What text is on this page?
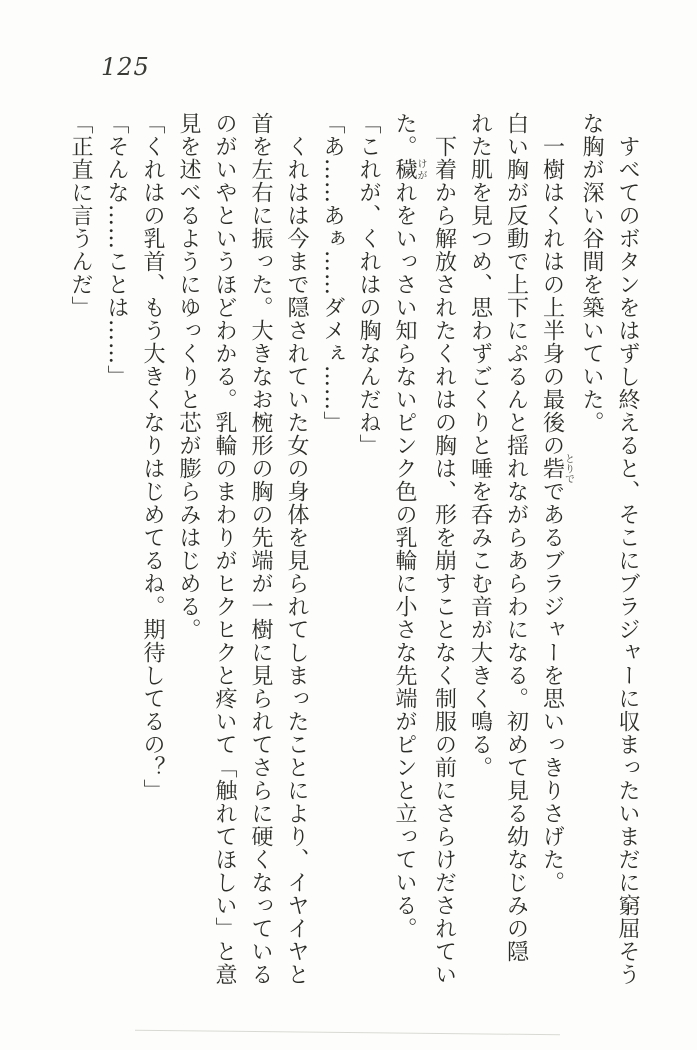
125
　すべてのボタンをはずし終えると、そこにブラジャーに収まったいまだに窮屈そう
な胸が深い谷間を築いていた。
　一樹はくれはの上半身の最後の砦とりでであるブラジャーを思いっきりさげた。
白い胸が反動で上下にぷるんと揺れながらあらわになる。初めて見る幼なじみの隠
れた肌を見つめ、思わずごくりと唾を呑みこむ音が大きく鳴る。
　下着から解放されたくれはの胸は、形を崩すことなく制服の前にさらけだされてい
た。穢けがれをいっさい知らないピンク色の乳輪に小さな先端がピンと立っている。
「これが、くれはの胸なんだね」
「あ……あぁ……ダメぇ……」
　くれはは今まで隠されていた女の身体を見られてしまったことにより、イヤイヤと
首を左右に振った。大きなお椀形の胸の先端が一樹に見られてさらに硬くなっている
のがいやというほどわかる。乳輪のまわりがヒクヒクと疼いて「触れてほしい」と意
見を述べるようにゆっくりと芯が膨らみはじめる。
「くれはの乳首、もう大きくなりはじめてるね。期待してるの？」
「そんな……ことは……」
「正直に言うんだ」
